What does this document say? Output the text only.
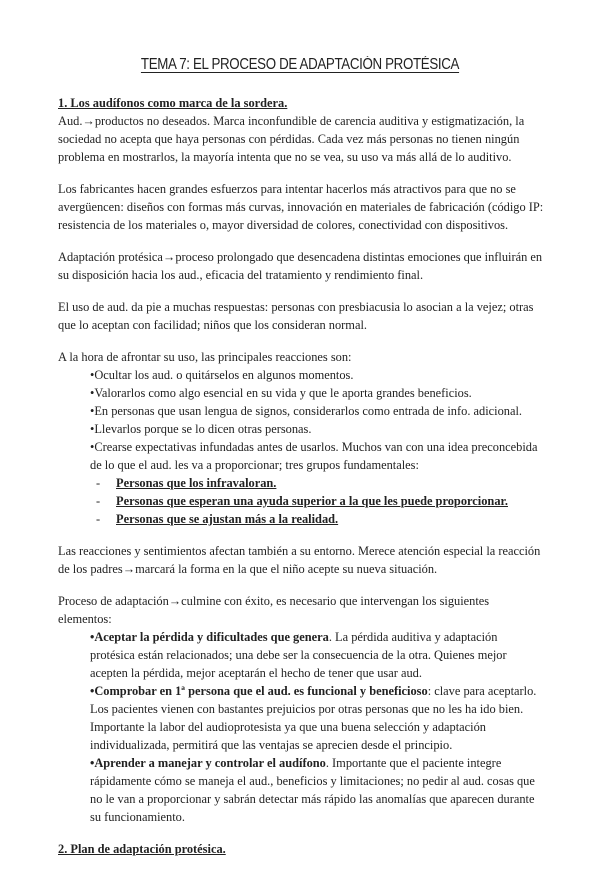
TEMA 7: EL PROCESO DE ADAPTACIÓN PROTÉSICA

1. Los audífonos como marca de la sordera.

Aud.→productos no deseados. Marca inconfundible de carencia auditiva y estigmatización, la sociedad no acepta que haya personas con pérdidas. Cada vez más personas no tienen ningún problema en mostrarlos, la mayoría intenta que no se vea, su uso va más allá de lo auditivo.

Los fabricantes hacen grandes esfuerzos para intentar hacerlos más atractivos para que no se avergüencen: diseños con formas más curvas, innovación en materiales de fabricación (código IP: resistencia de los materiales o, mayor diversidad de colores, conectividad con dispositivos.

Adaptación protésica→proceso prolongado que desencadena distintas emociones que influirán en su disposición hacia los aud., eficacia del tratamiento y rendimiento final.

El uso de aud. da pie a muchas respuestas: personas con presbiacusia lo asocian a la vejez; otras que lo aceptan con facilidad; niños que los consideran normal.

A la hora de afrontar su uso, las principales reacciones son:

•Ocultar los aud. o quitárselos en algunos momentos.
•Valorarlos como algo esencial en su vida y que le aporta grandes beneficios.
•En personas que usan lengua de signos, considerarlos como entrada de info. adicional.
•Llevarlos porque se lo dicen otras personas.
•Crearse expectativas infundadas antes de usarlos. Muchos van con una idea preconcebida de lo que el aud. les va a proporcionar; tres grupos fundamentales:
- Personas que los infravaloran.
- Personas que esperan una ayuda superior a la que les puede proporcionar.
- Personas que se ajustan más a la realidad.

Las reacciones y sentimientos afectan también a su entorno. Merece atención especial la reacción de los padres→marcará la forma en la que el niño acepte su nueva situación.

Proceso de adaptación→culmine con éxito, es necesario que intervengan los siguientes elementos:

•Aceptar la pérdida y dificultades que genera. La pérdida auditiva y adaptación protésica están relacionados; una debe ser la consecuencia de la otra. Quienes mejor acepten la pérdida, mejor aceptarán el hecho de tener que usar aud.
•Comprobar en 1ª persona que el aud. es funcional y beneficioso: clave para aceptarlo. Los pacientes vienen con bastantes prejuicios por otras personas que no les ha ido bien. Importante la labor del audioprotesista ya que una buena selección y adaptación individualizada, permitirá que las ventajas se aprecien desde el principio.
•Aprender a manejar y controlar el audífono. Importante que el paciente integre rápidamente cómo se maneja el aud., beneficios y limitaciones; no pedir al aud. cosas que no le van a proporcionar y sabrán detectar más rápido las anomalías que aparecen durante su funcionamiento.

2. Plan de adaptación protésica.
